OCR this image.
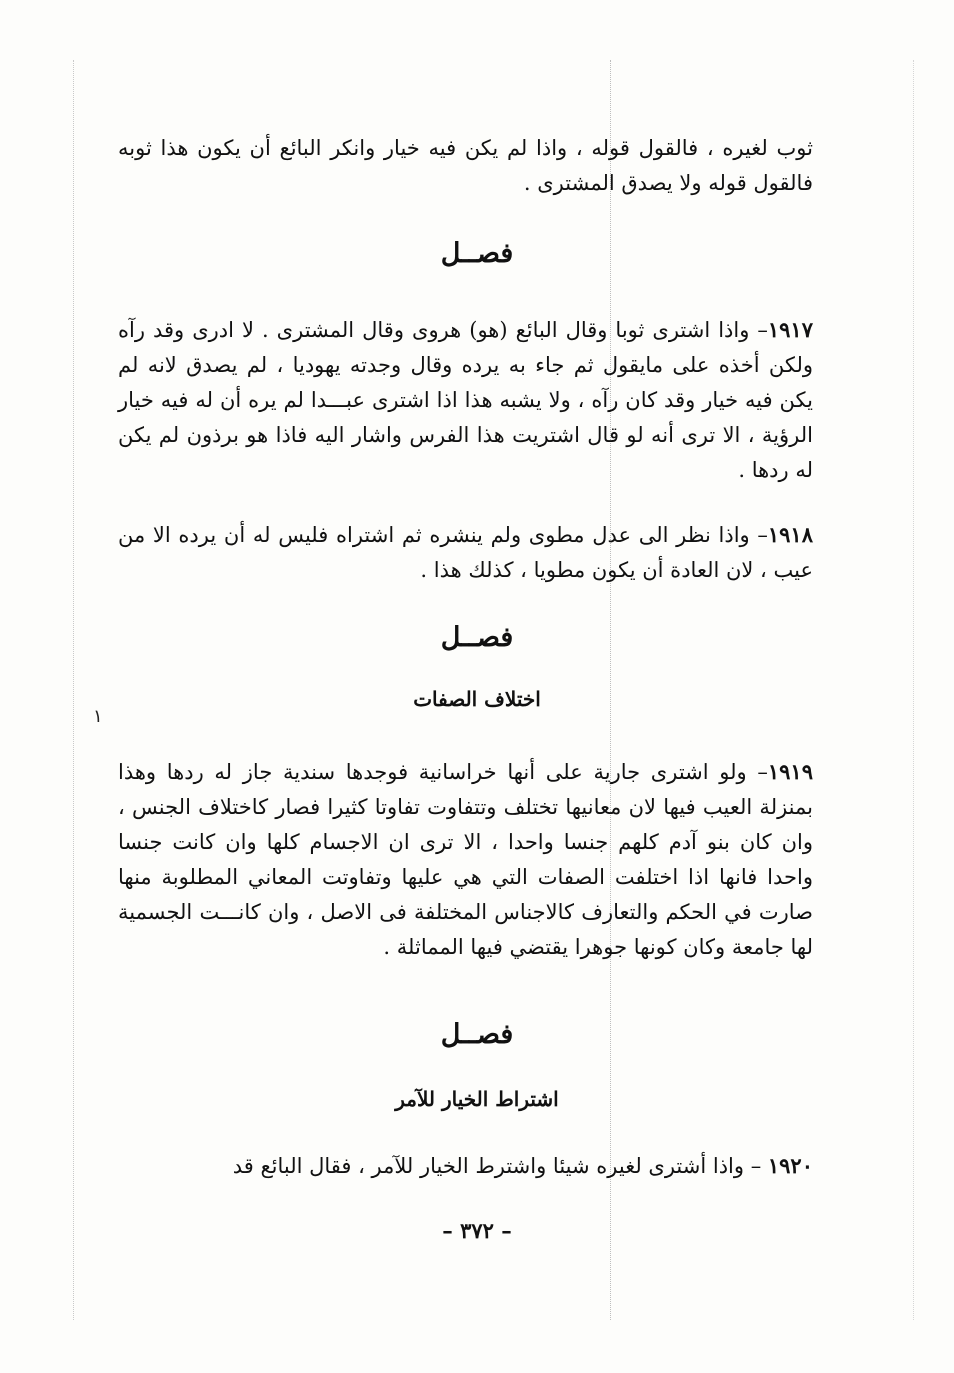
ثوب لغيره ، فالقول قوله ، واذا لم يكن فيه خيار وانكر البائع أن يكون هذا ثوبه فالقول قوله ولا يصدق المشترى .

فصــل

١٩١٧– واذا اشترى ثوبا وقال البائع (هو) هروى وقال المشترى . لا ادرى وقد رآه ولكن أخذه على مايقول ثم جاء به يرده وقال وجدته يهوديا ، لم يصدق لانه لم يكن فيه خيار وقد كان رآه ، ولا يشبه هذا اذا اشترى عبـــدا لم يره أن له فيه خيار الرؤية ، الا ترى أنه لو قال اشتريت هذا الفرس واشار اليه فاذا هو برذون لم يكن له ردها .

١٩١٨– واذا نظر الى عدل مطوى ولم ينشره ثم اشتراه فليس له أن يرده الا من عيب ، لان العادة أن يكون مطويا ، كذلك هذا .

فصــل
اختلاف الصفات
١

١٩١٩– ولو اشترى جارية على أنها خراسانية فوجدها سندية جاز له ردها وهذا بمنزلة العيب فيها لان معانيها تختلف وتتفاوت تفاوتا كثيرا فصار كاختلاف الجنس ، وان كان بنو آدم كلهم جنسا واحدا ، الا ترى ان الاجسام كلها وان كانت جنسا واحدا فانها اذا اختلفت الصفات التي هي عليها وتفاوتت المعاني المطلوبة منها صارت في الحكم والتعارف كالاجناس المختلفة فى الاصل ، وان كانـــت الجسمية لها جامعة وكان كونها جوهرا يقتضي فيها المماثلة .

فصــل
اشتراط الخيار للآمر

١٩٢٠ – واذا أشترى لغيره شيئا واشترط الخيار للآمر ، فقال البائع قد

– ٣٧٢ –
